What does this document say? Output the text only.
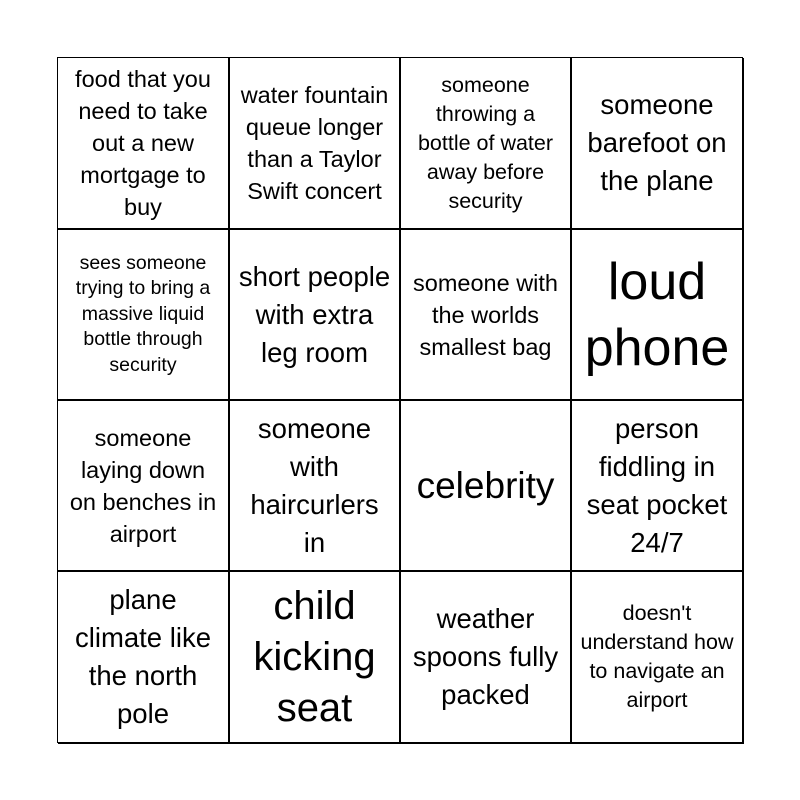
food that you need to take out a new mortgage to buy
water fountain queue longer than a Taylor Swift concert
someone throwing a bottle of water away before security
someone barefoot on the plane
sees someone trying to bring a massive liquid bottle through security
short people with extra leg room
someone with the worlds smallest bag
loud phone
someone laying down on benches in airport
someone with haircurlers in
celebrity
person fiddling in seat pocket 24/7
plane climate like the north pole
child kicking seat
weather spoons fully packed
doesn't understand how to navigate an airport
